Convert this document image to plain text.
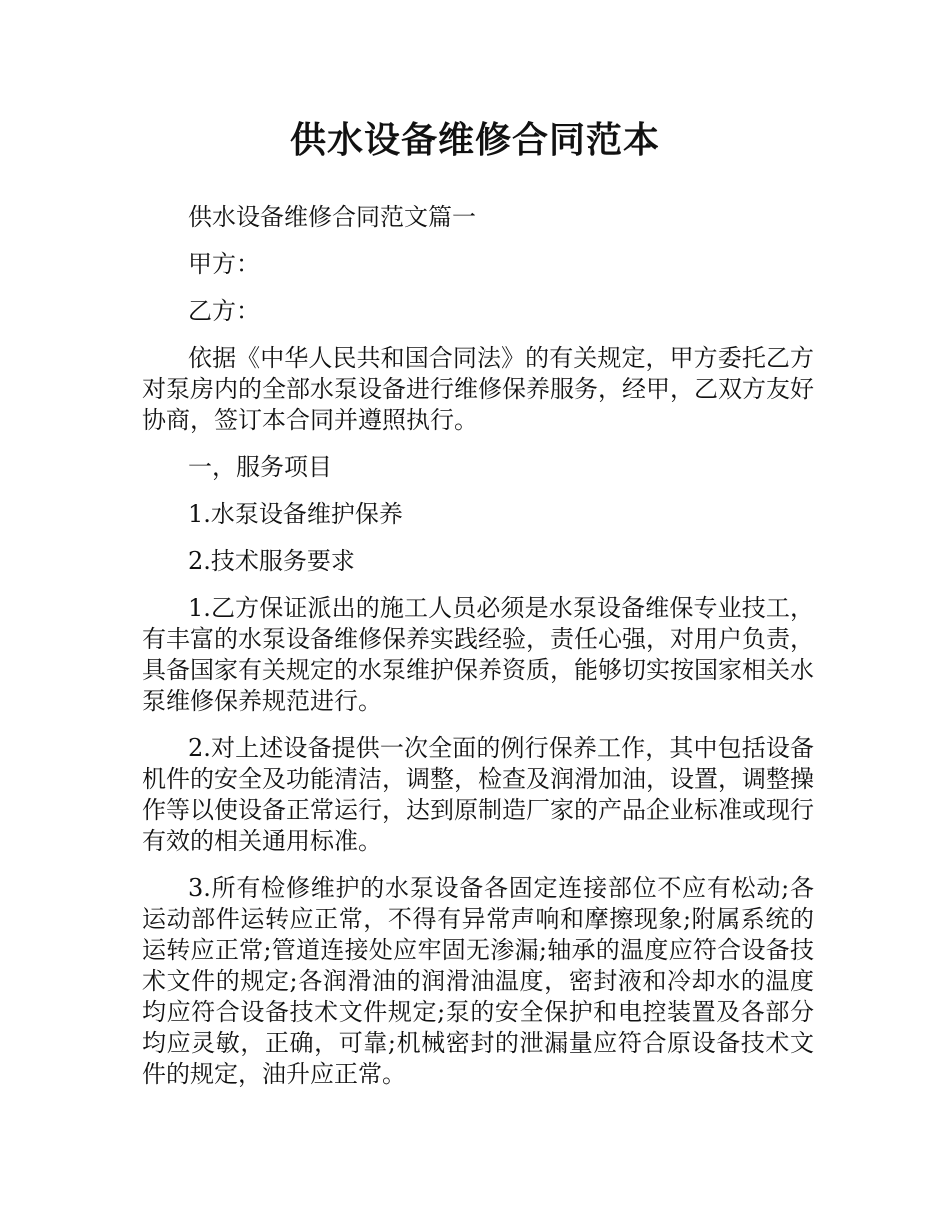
供水设备维修合同范本

供水设备维修合同范文篇一

甲方：

乙方：

依据《中华人民共和国合同法》的有关规定，甲方委托乙方对泵房内的全部水泵设备进行维修保养服务，经甲，乙双方友好协商，签订本合同并遵照执行。

一，服务项目

1.水泵设备维护保养

2.技术服务要求

1.乙方保证派出的施工人员必须是水泵设备维保专业技工，有丰富的水泵设备维修保养实践经验，责任心强，对用户负责，具备国家有关规定的水泵维护保养资质，能够切实按国家相关水泵维修保养规范进行。

2.对上述设备提供一次全面的例行保养工作，其中包括设备机件的安全及功能清洁，调整，检查及润滑加油，设置，调整操作等以使设备正常运行，达到原制造厂家的产品企业标准或现行有效的相关通用标准。

3.所有检修维护的水泵设备各固定连接部位不应有松动;各运动部件运转应正常，不得有异常声响和摩擦现象;附属系统的运转应正常;管道连接处应牢固无渗漏;轴承的温度应符合设备技术文件的规定;各润滑油的润滑油温度，密封液和冷却水的温度均应符合设备技术文件规定;泵的安全保护和电控装置及各部分均应灵敏，正确，可靠;机械密封的泄漏量应符合原设备技术文件的规定，油升应正常。
